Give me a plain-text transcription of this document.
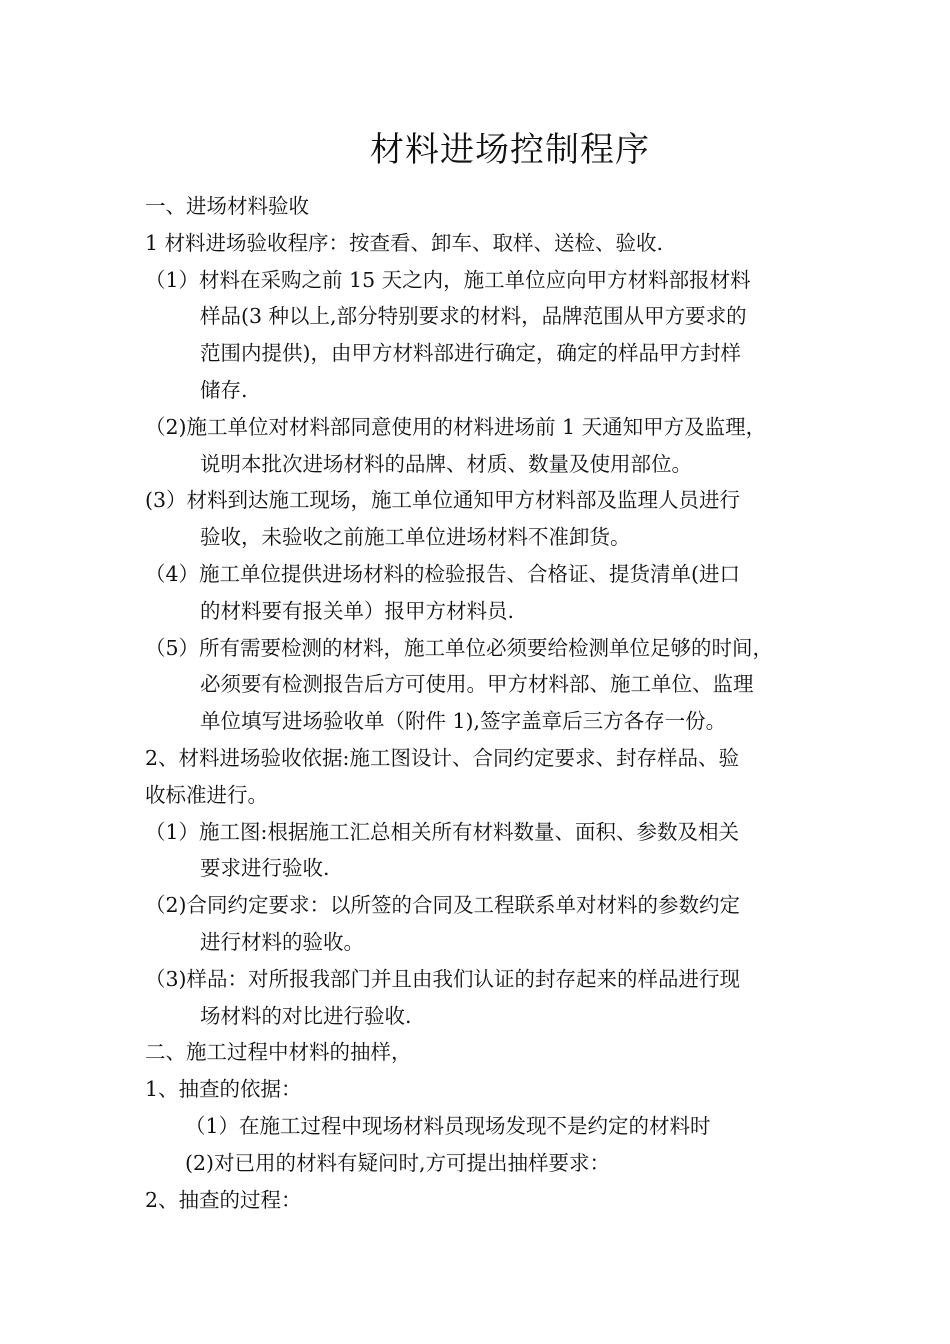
材料进场控制程序
一、进场材料验收
1 材料进场验收程序：按查看、卸车、取样、送检、验收.
（1）材料在采购之前 15 天之内，施工单位应向甲方材料部报材料
样品(3 种以上,部分特别要求的材料，品牌范围从甲方要求的
范围内提供)，由甲方材料部进行确定，确定的样品甲方封样
储存.
（2)施工单位对材料部同意使用的材料进场前 1 天通知甲方及监理，
说明本批次进场材料的品牌、材质、数量及使用部位。
(3）材料到达施工现场，施工单位通知甲方材料部及监理人员进行
验收，未验收之前施工单位进场材料不准卸货。
（4）施工单位提供进场材料的检验报告、合格证、提货清单(进口
的材料要有报关单）报甲方材料员.
（5）所有需要检测的材料，施工单位必须要给检测单位足够的时间，
必须要有检测报告后方可使用。甲方材料部、施工单位、监理
单位填写进场验收单（附件 1),签字盖章后三方各存一份。
2、材料进场验收依据:施工图设计、合同约定要求、封存样品、验
收标准进行。
（1）施工图:根据施工汇总相关所有材料数量、面积、参数及相关
要求进行验收.
（2)合同约定要求：以所签的合同及工程联系单对材料的参数约定
进行材料的验收。
（3)样品：对所报我部门并且由我们认证的封存起来的样品进行现
场材料的对比进行验收.
二、施工过程中材料的抽样，
1、抽查的依据：
（1）在施工过程中现场材料员现场发现不是约定的材料时
(2)对已用的材料有疑问时,方可提出抽样要求：
2、抽查的过程：
